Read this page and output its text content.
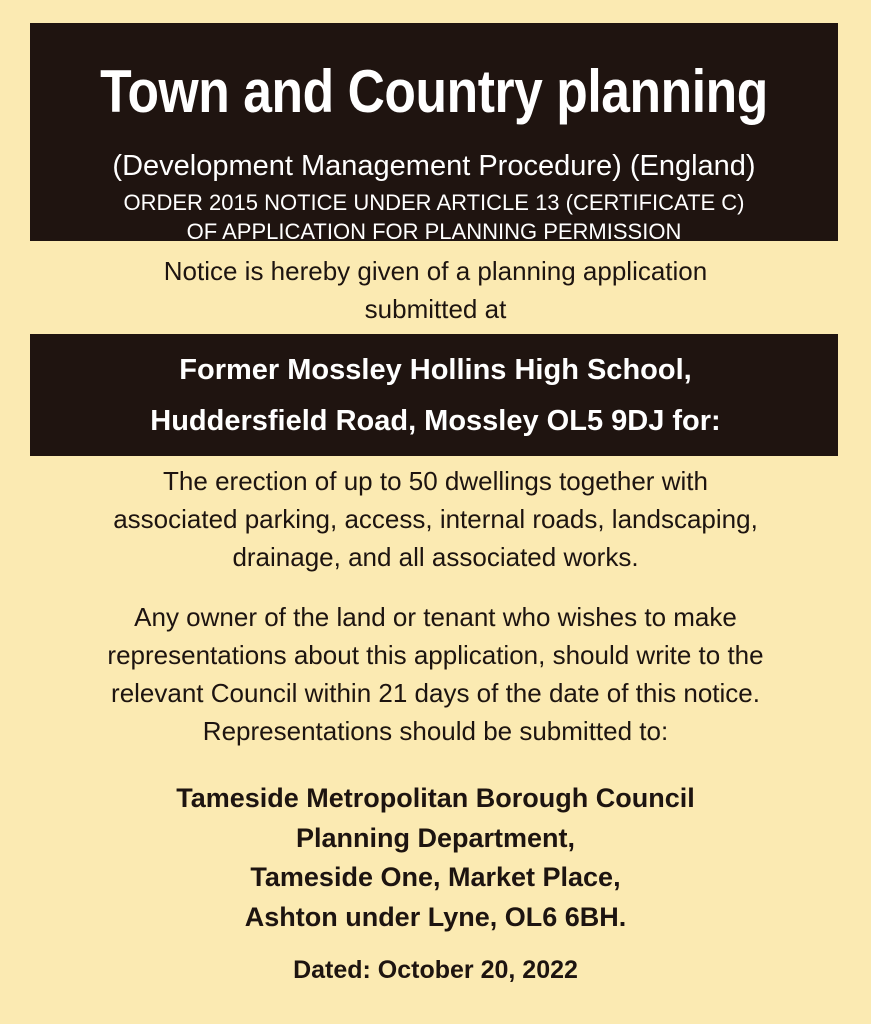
Town and Country planning
(Development Management Procedure) (England)
ORDER 2015 NOTICE UNDER ARTICLE 13 (CERTIFICATE C)
OF APPLICATION FOR PLANNING PERMISSION
Notice is hereby given of a planning application
submitted at
Former Mossley Hollins High School,
Huddersfield Road, Mossley OL5 9DJ for:
The erection of up to 50 dwellings together with
associated parking, access, internal roads, landscaping,
drainage, and all associated works.
Any owner of the land or tenant who wishes to make
representations about this application, should write to the
relevant Council within 21 days of the date of this notice.
Representations should be submitted to:
Tameside Metropolitan Borough Council
Planning Department,
Tameside One, Market Place,
Ashton under Lyne, OL6 6BH.
Dated: October 20, 2022
